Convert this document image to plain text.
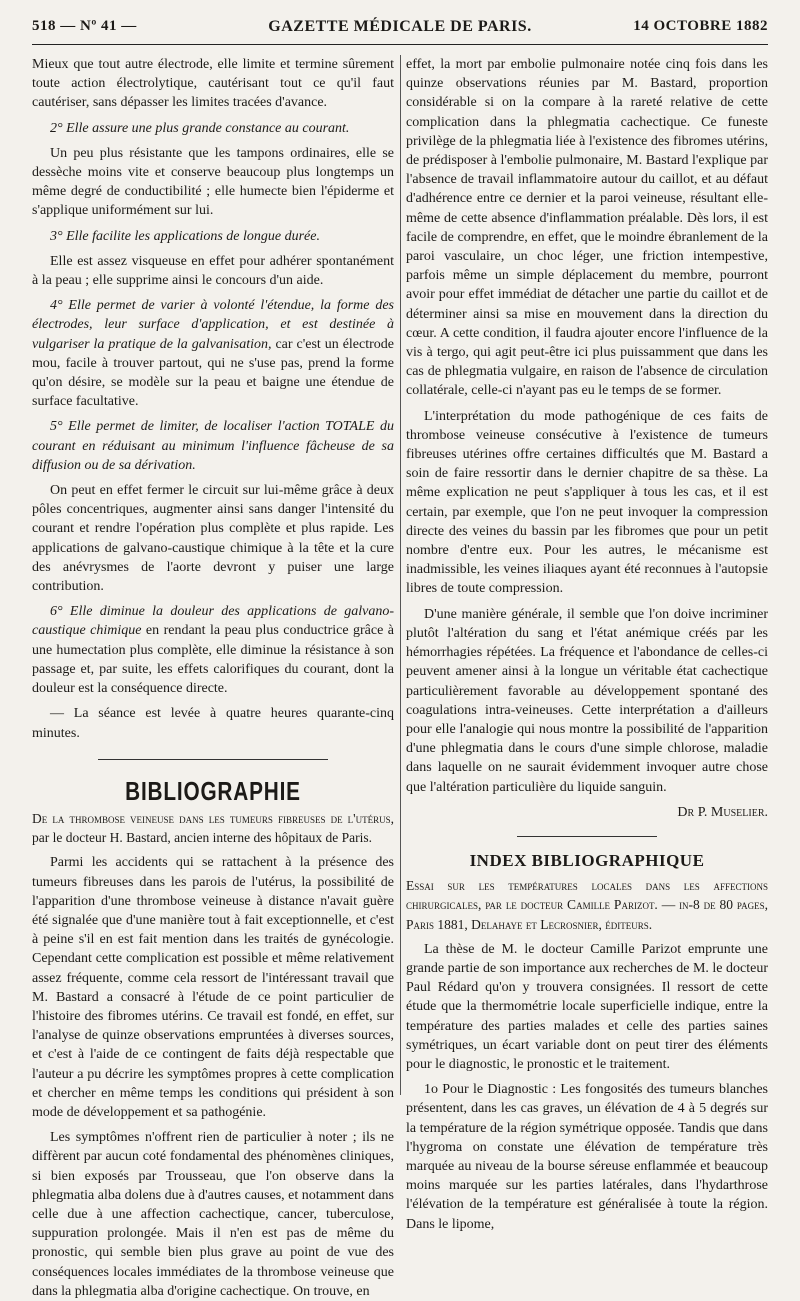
518 — Nº 41 —	GAZETTE MÉDICALE DE PARIS.	14 OCTOBRE 1882

Mieux que tout autre électrode, elle limite et termine sûrement toute action électrolytique, cautérisant tout ce qu'il faut cautériser, sans dépasser les limites tracées d'avance.

2° Elle assure une plus grande constance au courant.

Un peu plus résistante que les tampons ordinaires, elle se dessèche moins vite et conserve beaucoup plus longtemps un même degré de conductibilité ; elle humecte bien l'épiderme et s'applique uniformément sur lui.

3° Elle facilite les applications de longue durée.

Elle est assez visqueuse en effet pour adhérer spontanément à la peau ; elle supprime ainsi le concours d'un aide.

4° Elle permet de varier à volonté l'étendue, la forme des électrodes, leur surface d'application, et est destinée à vulgariser la pratique de la galvanisation, car c'est un électrode mou, facile à trouver partout, qui ne s'use pas, prend la forme qu'on désire, se modèle sur la peau et baigne une étendue de surface facultative.

5° Elle permet de limiter, de localiser l'action TOTALE du courant en réduisant au minimum l'influence fâcheuse de sa diffusion ou de sa dérivation.

On peut en effet fermer le circuit sur lui-même grâce à deux pôles concentriques, augmenter ainsi sans danger l'intensité du courant et rendre l'opération plus complète et plus rapide. Les applications de galvano-caustique chimique à la tête et la cure des anévrysmes de l'aorte devront y puiser une large contribution.

6° Elle diminue la douleur des applications de galvano-caustique chimique en rendant la peau plus conductrice grâce à une humectation plus complète, elle diminue la résistance à son passage et, par suite, les effets calorifiques du courant, dont la douleur est la conséquence directe.

— La séance est levée à quatre heures quarante-cinq minutes.

BIBLIOGRAPHIE

De la thrombose veineuse dans les tumeurs fibreuses de l'utérus, par le docteur H. Bastard, ancien interne des hôpitaux de Paris.

Parmi les accidents qui se rattachent à la présence des tumeurs fibreuses dans les parois de l'utérus, la possibilité de l'apparition d'une thrombose veineuse à distance n'avait guère été signalée que d'une manière tout à fait exceptionnelle, et c'est à peine s'il en est fait mention dans les traités de gynécologie. Cependant cette complication est possible et même relativement assez fréquente, comme cela ressort de l'intéressant travail que M. Bastard a consacré à l'étude de ce point particulier de l'histoire des fibromes utérins. Ce travail est fondé, en effet, sur l'analyse de quinze observations empruntées à diverses sources, et c'est à l'aide de ce contingent de faits déjà respectable que l'auteur a pu décrire les symptômes propres à cette complication et chercher en même temps les conditions qui président à son mode de développement et sa pathogénie.

Les symptômes n'offrent rien de particulier à noter ; ils ne diffèrent par aucun coté fondamental des phénomènes cliniques, si bien exposés par Trousseau, que l'on observe dans la phlegmatia alba dolens due à d'autres causes, et notamment dans celle due à une affection cachectique, cancer, tuberculose, suppuration prolongée. Mais il n'en est pas de même du pronostic, qui semble bien plus grave au point de vue des conséquences locales immédiates de la thrombose veineuse que dans la phlegmatia alba d'origine cachectique. On trouve, en

effet, la mort par embolie pulmonaire notée cinq fois dans les quinze observations réunies par M. Bastard, proportion considérable si on la compare à la rareté relative de cette complication dans la phlegmatia cachectique. Ce funeste privilège de la phlegmatia liée à l'existence des fibromes utérins, de prédisposer à l'embolie pulmonaire, M. Bastard l'explique par l'absence de travail inflammatoire autour du caillot, et au défaut d'adhérence entre ce dernier et la paroi veineuse, résultant elle-même de cette absence d'inflammation préalable. Dès lors, il est facile de comprendre, en effet, que le moindre ébranlement de la paroi vasculaire, un choc léger, une friction intempestive, parfois même un simple déplacement du membre, pourront avoir pour effet immédiat de détacher une partie du caillot et de déterminer ainsi sa mise en mouvement dans la direction du cœur. A cette condition, il faudra ajouter encore l'influence de la vis à tergo, qui agit peut-être ici plus puissamment que dans les cas de phlegmatia vulgaire, en raison de l'absence de circulation collatérale, celle-ci n'ayant pas eu le temps de se former.

L'interprétation du mode pathogénique de ces faits de thrombose veineuse consécutive à l'existence de tumeurs fibreuses utérines offre certaines difficultés que M. Bastard a soin de faire ressortir dans le dernier chapitre de sa thèse. La même explication ne peut s'appliquer à tous les cas, et il est certain, par exemple, que l'on ne peut invoquer la compression directe des veines du bassin par les fibromes que pour un petit nombre d'entre eux. Pour les autres, le mécanisme est inadmissible, les veines iliaques ayant été reconnues à l'autopsie libres de toute compression.

D'une manière générale, il semble que l'on doive incriminer plutôt l'altération du sang et l'état anémique créés par les hémorrhagies répétées. La fréquence et l'abondance de celles-ci peuvent amener ainsi à la longue un véritable état cachectique particulièrement favorable au développement spontané des coagulations intra-veineuses. Cette interprétation a d'ailleurs pour elle l'analogie qui nous montre la possibilité de l'apparition d'une phlegmatia dans le cours d'une simple chlorose, maladie dans laquelle on ne saurait évidemment invoquer autre chose que l'altération particulière du liquide sanguin.

Dr P. Muselier.

INDEX BIBLIOGRAPHIQUE

Essai sur les températures locales dans les affections chirurgicales, par le docteur Camille Parizot. — in-8 de 80 pages, Paris 1881, Delahaye et Lecrosnier, éditeurs.

La thèse de M. le docteur Camille Parizot emprunte une grande partie de son importance aux recherches de M. le docteur Paul Rédard qu'on y trouvera consignées. Il ressort de cette étude que la thermométrie locale superficielle indique, entre la température des parties malades et celle des parties saines symétriques, un écart variable dont on peut tirer des éléments pour le diagnostic, le pronostic et le traitement.

1o Pour le Diagnostic : Les fongosités des tumeurs blanches présentent, dans les cas graves, un élévation de 4 à 5 degrés sur la température de la région symétrique opposée. Tandis que dans l'hygroma on constate une élévation de température très marquée au niveau de la bourse séreuse enflammée et beaucoup moins marquée sur les parties latérales, dans l'hydarthrose l'élévation de la température est généralisée à toute la région. Dans le lipome,
